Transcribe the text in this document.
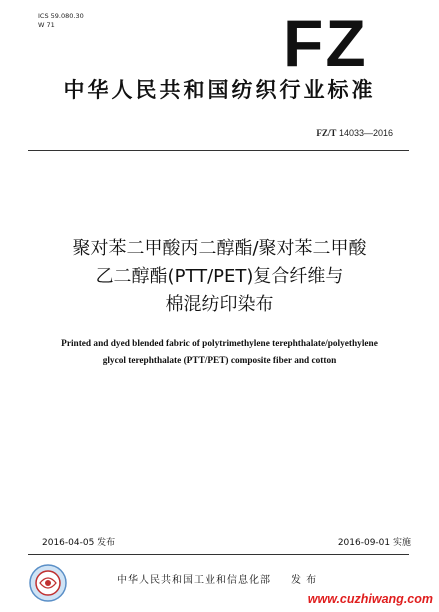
ICS 59.080.30
W 71	FZ
中华人民共和国纺织行业标准
FZ/T 14033—2016
聚对苯二甲酸丙二醇酯/聚对苯二甲酸
乙二醇酯(PTT/PET)复合纤维与
棉混纺印染布
Printed and dyed blended fabric of polytrimethylene terephthalate/polyethylene
glycol terephthalate (PTT/PET) composite fiber and cotton
2016-04-05 发布	2016-09-01 实施
中华人民共和国工业和信息化部 发 布
www.cuzhiwang.com
